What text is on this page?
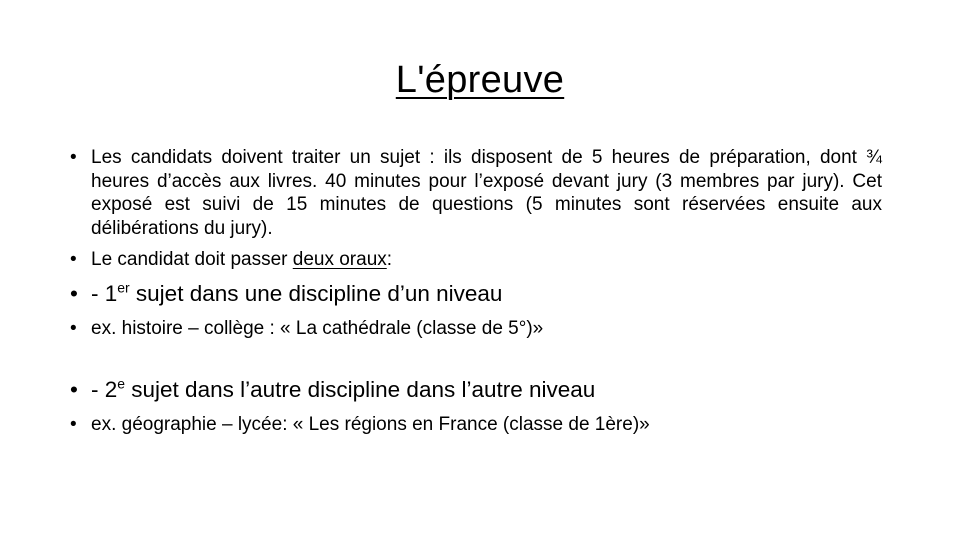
L'épreuve
• Les candidats doivent traiter un sujet : ils disposent de 5 heures de préparation, dont ¾ heures d’accès aux livres. 40 minutes pour l’exposé devant jury (3 membres par jury). Cet exposé est suivi de 15 minutes de questions (5 minutes sont réservées ensuite aux délibérations du jury).
• Le candidat doit passer deux oraux:
• - 1er sujet dans une discipline d’un niveau
• ex. histoire – collège : « La cathédrale (classe de 5°)»
• - 2e sujet dans l’autre discipline dans l’autre niveau
• ex. géographie – lycée: « Les régions en France (classe de 1ère)»
